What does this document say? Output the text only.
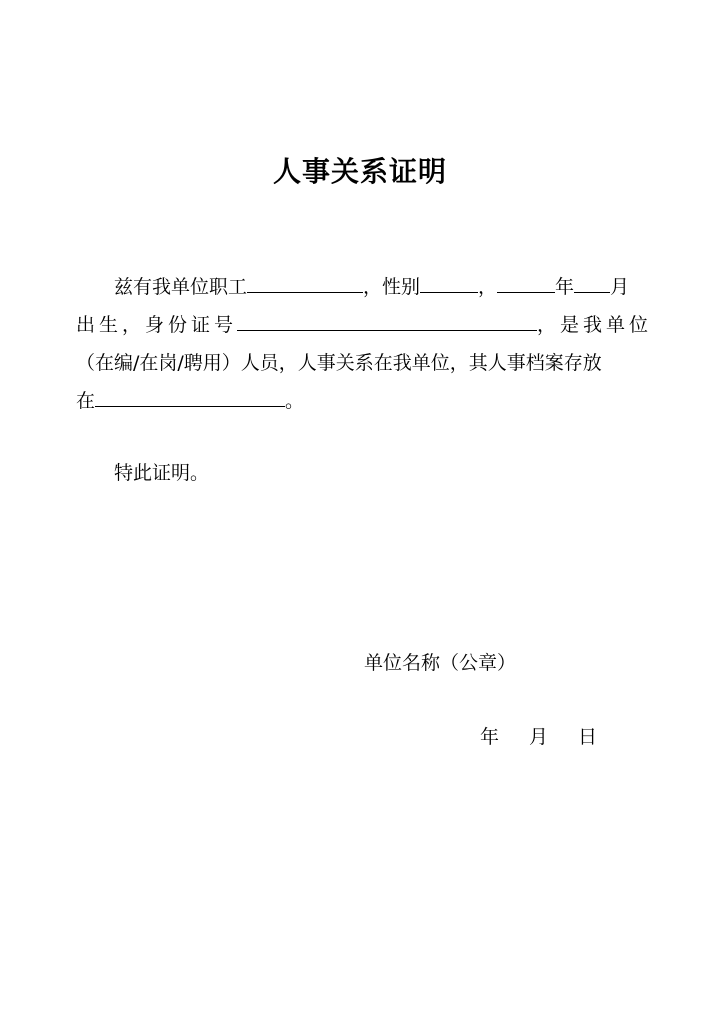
人事关系证明
兹有我单位职工	，性别	，	年 月
出生，身份证号	，是我单位
（在编/在岗/聘用）人员，人事关系在我单位，其人事档案存放
在	。
特此证明。
单位名称（公章）
年 月 日
